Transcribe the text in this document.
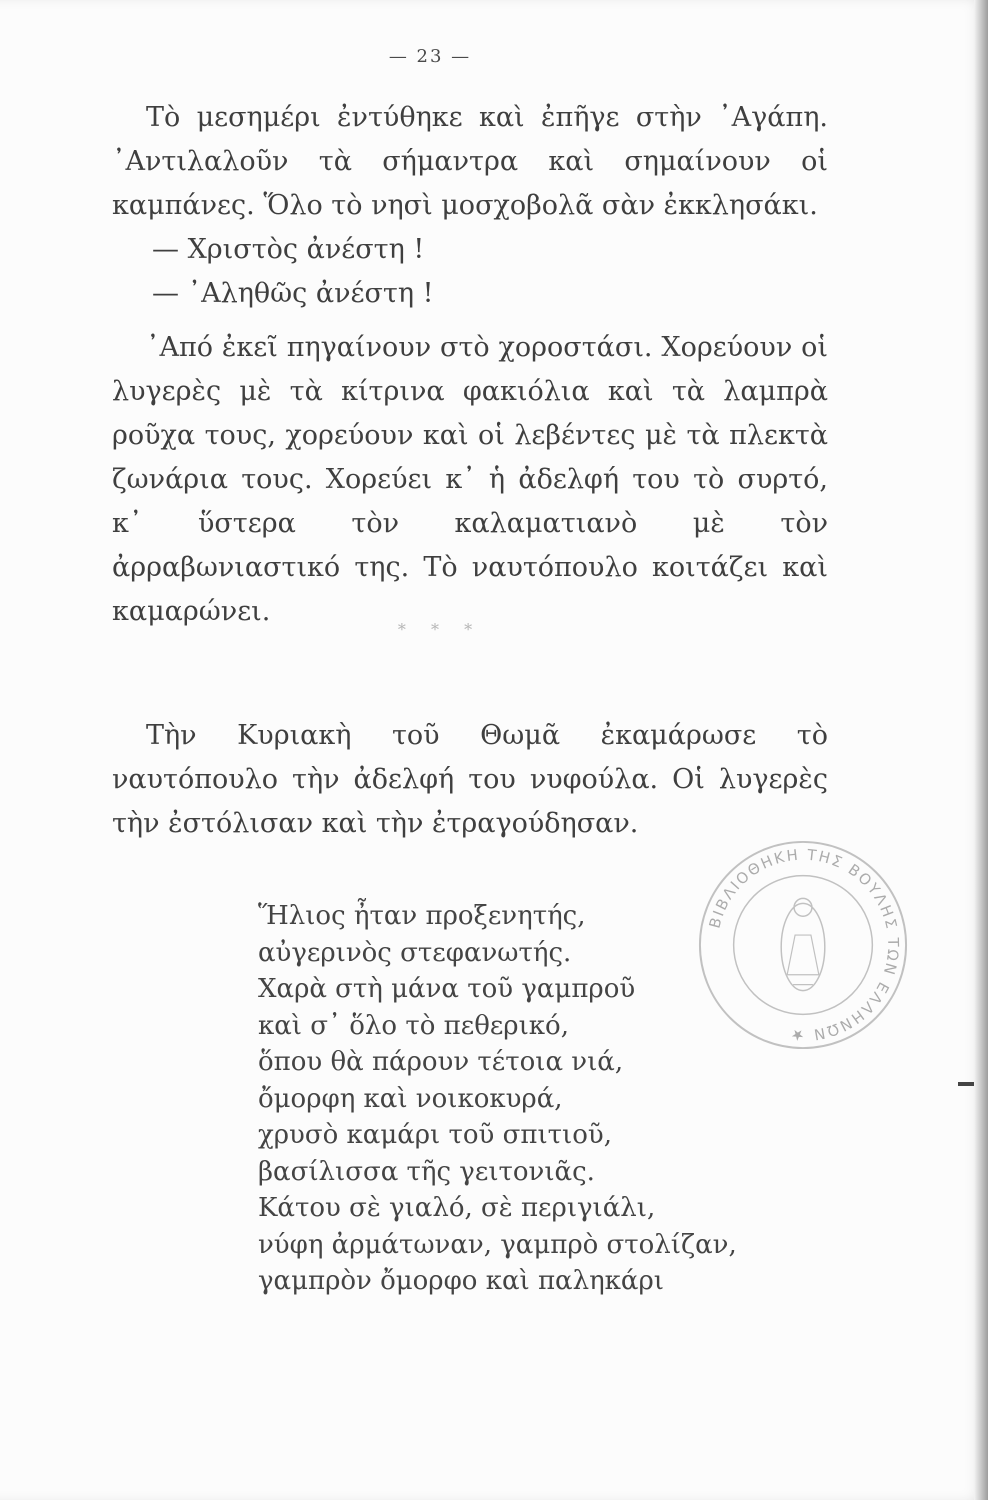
— 23 —

Τὸ μεσημέρι ἐντύθηκε καὶ ἐπῆγε στὴν ᾿Αγάπη. ᾿Αντιλαλοῦν τὰ σήμαντρα καὶ σημαίνουν οἱ καμπάνες. Ὅλο τὸ νησὶ μοσχοβολᾶ σὰν ἐκκλησάκι.

— Χριστὸς ἀνέστη !

— ᾿Αληθῶς ἀνέστη !

᾿Από ἐκεῖ πηγαίνουν στὸ χοροστάσι. Χορεύουν οἱ λυγερὲς μὲ τὰ κίτρινα φακιόλια καὶ τὰ λαμπρὰ ροῦχα τους, χορεύουν καὶ οἱ λεβέντες μὲ τὰ πλεκτὰ ζωνάρια τους. Χορεύει κ᾿ ἡ ἀδελφή του τὸ συρτό, κ᾿ ὕστερα τὸν καλαματιανὸ μὲ τὸν ἀρραβωνιαστικό της. Τὸ ναυτόπουλο κοιτάζει καὶ καμαρώνει.

* * *

Τὴν Κυριακὴ τοῦ Θωμᾶ ἐκαμάρωσε τὸ ναυτόπουλο τὴν ἀδελφή του νυφούλα. Οἱ λυγερὲς τὴν ἐστόλισαν καὶ τὴν ἐτραγούδησαν.

Ἥλιος ἦταν προξενητής,
αὐγερινὸς στεφανωτής.
Χαρὰ στὴ μάνα τοῦ γαμπροῦ
καὶ σ᾿ ὅλο τὸ πεθερικό,
ὅπου θὰ πάρουν τέτοια νιά,
ὄμορφη καὶ νοικοκυρά,
χρυσὸ καμάρι τοῦ σπιτιοῦ,
βασίλισσα τῆς γειτονιᾶς.
Κάτου σὲ γιαλό, σὲ περιγιάλι,
νύφη ἀρμάτωναν, γαμπρὸ στολίζαν,
γαμπρὸν ὄμορφο καὶ παληκάρι
ΒΙΒΛΙΟΘΗΚΗ ΤΗΣ ΒΟΥΛΗΣ ΤΩΝ ΕΛΛΗΝΩΝ ★
